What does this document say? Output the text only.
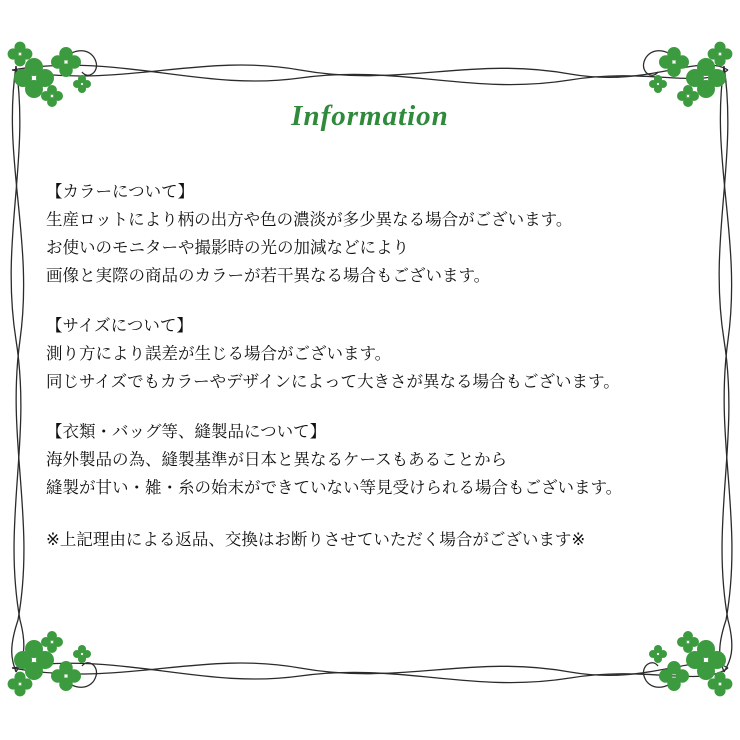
Information
【カラーについて】
生産ロットにより柄の出方や色の濃淡が多少異なる場合がございます。
お使いのモニターや撮影時の光の加減などにより
画像と実際の商品のカラーが若干異なる場合もございます。
【サイズについて】
測り方により誤差が生じる場合がございます。
同じサイズでもカラーやデザインによって大きさが異なる場合もございます。
【衣類・バッグ等、縫製品について】
海外製品の為、縫製基準が日本と異なるケースもあることから
縫製が甘い・雑・糸の始末ができていない等見受けられる場合もございます。
※上記理由による返品、交換はお断りさせていただく場合がございます※
